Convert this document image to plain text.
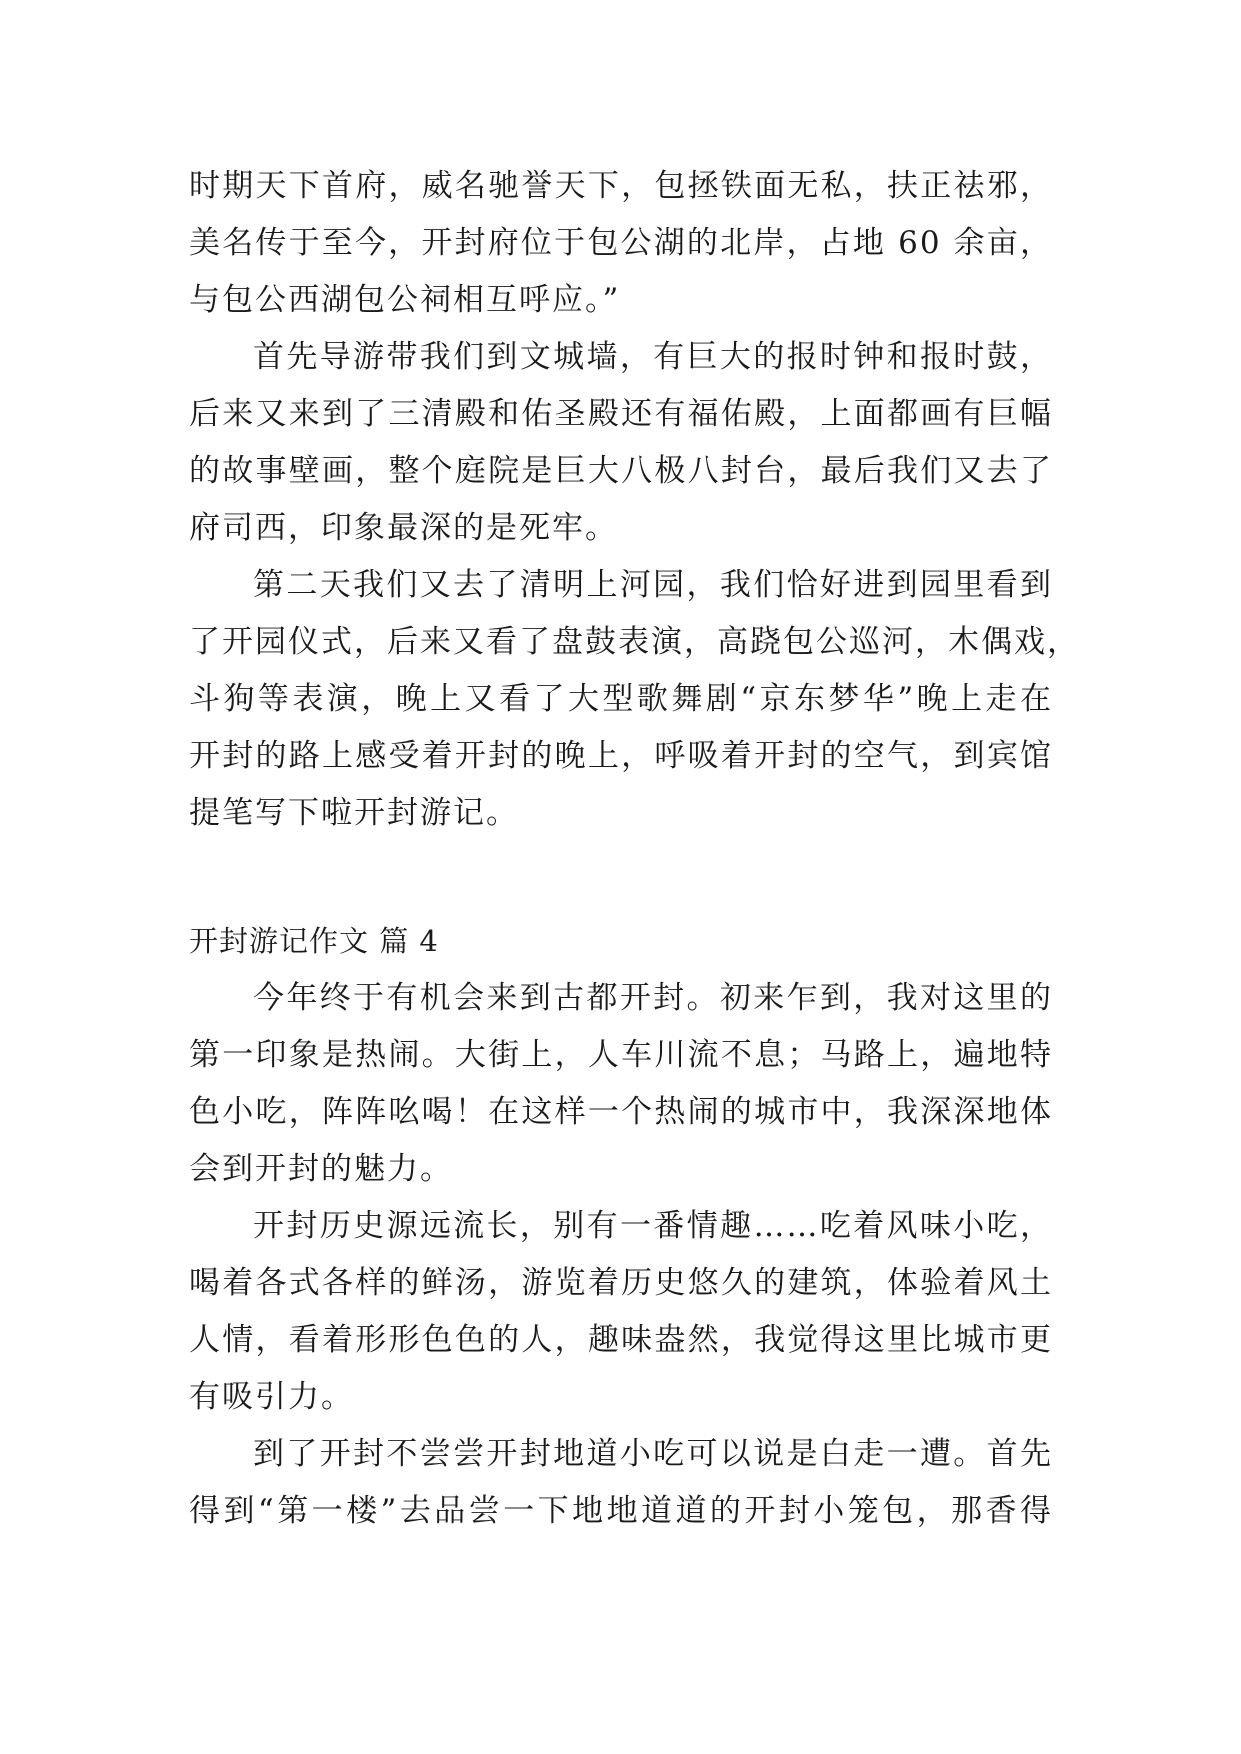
时期天下首府，威名驰誉天下，包拯铁面无私，扶正祛邪，
美名传于至今，开封府位于包公湖的北岸，占地 60 余亩，
与包公西湖包公祠相互呼应。”
首先导游带我们到文城墙，有巨大的报时钟和报时鼓，
后来又来到了三清殿和佑圣殿还有福佑殿，上面都画有巨幅
的故事壁画，整个庭院是巨大八极八封台，最后我们又去了
府司西，印象最深的是死牢。
第二天我们又去了清明上河园，我们恰好进到园里看到
了开园仪式，后来又看了盘鼓表演，高跷包公巡河，木偶戏，
斗狗等表演，晚上又看了大型歌舞剧“京东梦华”晚上走在
开封的路上感受着开封的晚上，呼吸着开封的空气，到宾馆
提笔写下啦开封游记。
开封游记作文 篇 4
今年终于有机会来到古都开封。初来乍到，我对这里的
第一印象是热闹。大街上，人车川流不息；马路上，遍地特
色小吃，阵阵吆喝！在这样一个热闹的城市中，我深深地体
会到开封的魅力。
开封历史源远流长，别有一番情趣……吃着风味小吃，
喝着各式各样的鲜汤，游览着历史悠久的建筑，体验着风土
人情，看着形形色色的人，趣味盎然，我觉得这里比城市更
有吸引力。
到了开封不尝尝开封地道小吃可以说是白走一遭。首先
得到“第一楼”去品尝一下地地道道的开封小笼包，那香得
